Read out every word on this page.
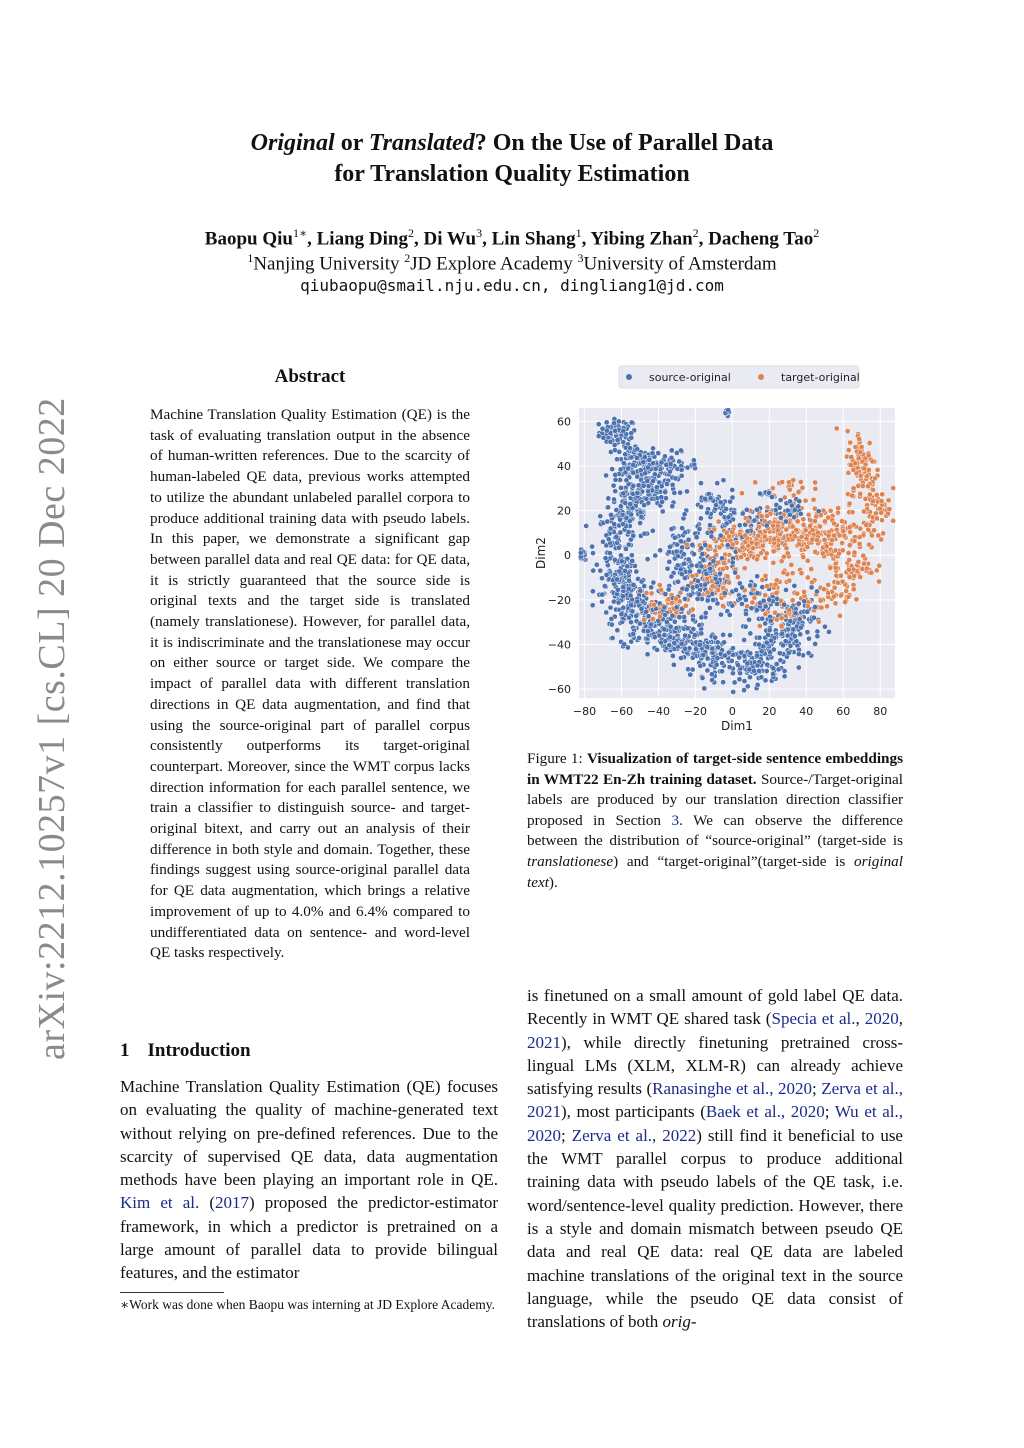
Original or Translated? On the Use of Parallel Data
for Translation Quality Estimation
Baopu Qiu$^{1∗}$, Liang Ding$^2$, Di Wu$^3$, Lin Shang$^1$, Yibing Zhan$^2$, Dacheng Tao$^2$
$^1$Nanjing University $^2$JD Explore Academy $^3$University of Amsterdam
qiubaopu@smail.nju.edu.cn, dingliang1@jd.com
arXiv:2212.10257v1 [cs.CL] 20 Dec 2022
Abstract
Machine Translation Quality Estimation (QE) is the task of evaluating translation output in the absence of human-written references. Due to the scarcity of human-labeled QE data, previous works attempted to utilize the abundant unlabeled parallel corpora to produce additional training data with pseudo labels. In this paper, we demonstrate a significant gap between parallel data and real QE data: for QE data, it is strictly guaranteed that the source side is original texts and the target side is translated (namely translationese). However, for parallel data, it is indiscriminate and the translationese may occur on either source or target side. We compare the impact of parallel data with different translation directions in QE data augmentation, and find that using the source-original part of parallel corpus consistently outperforms its target-original counterpart. Moreover, since the WMT corpus lacks direction information for each parallel sentence, we train a classifier to distinguish source- and target-original bitext, and carry out an analysis of their difference in both style and domain. Together, these findings suggest using source-original parallel data for QE data augmentation, which brings a relative improvement of up to 4.0% and 6.4% compared to undifferentiated data on sentence- and word-level QE tasks respectively.
1 Introduction
Machine Translation Quality Estimation (QE) focuses on evaluating the quality of machine-generated text without relying on pre-defined references. Due to the scarcity of supervised QE data, data augmentation methods have been playing an important role in QE. Kim et al. (2017) proposed the predictor-estimator framework, in which a predictor is pretrained on a large amount of parallel data to provide bilingual features, and the estimator
∗Work was done when Baopu was interning at JD Explore Academy.
is finetuned on a small amount of gold label QE data. Recently in WMT QE shared task (Specia et al., 2020, 2021), while directly finetuning pretrained cross-lingual LMs (XLM, XLM-R) can already achieve satisfying results (Ranasinghe et al., 2020; Zerva et al., 2021), most participants (Baek et al., 2020; Wu et al., 2020; Zerva et al., 2022) still find it beneficial to use the WMT parallel corpus to produce additional training data with pseudo labels of the QE task, i.e. word/sentence-level quality prediction. However, there is a style and domain mismatch between pseudo QE data and real QE data: real QE data are labeled machine translations of the original text in the source language, while the pseudo QE data consist of translations of both orig-
Figure 1: Visualization of target-side sentence embeddings in WMT22 En-Zh training dataset. Source-/Target-original labels are produced by our translation direction classifier proposed in Section 3. We can observe the difference between the distribution of “source-original” (target-side is translationese) and “target-original”(target-side is original text).
−80 −60 −40 −20 0 20 40 60 80
60
40
20
0
−20
−40
−60
Dim1
Dim2
source-original	target-original
